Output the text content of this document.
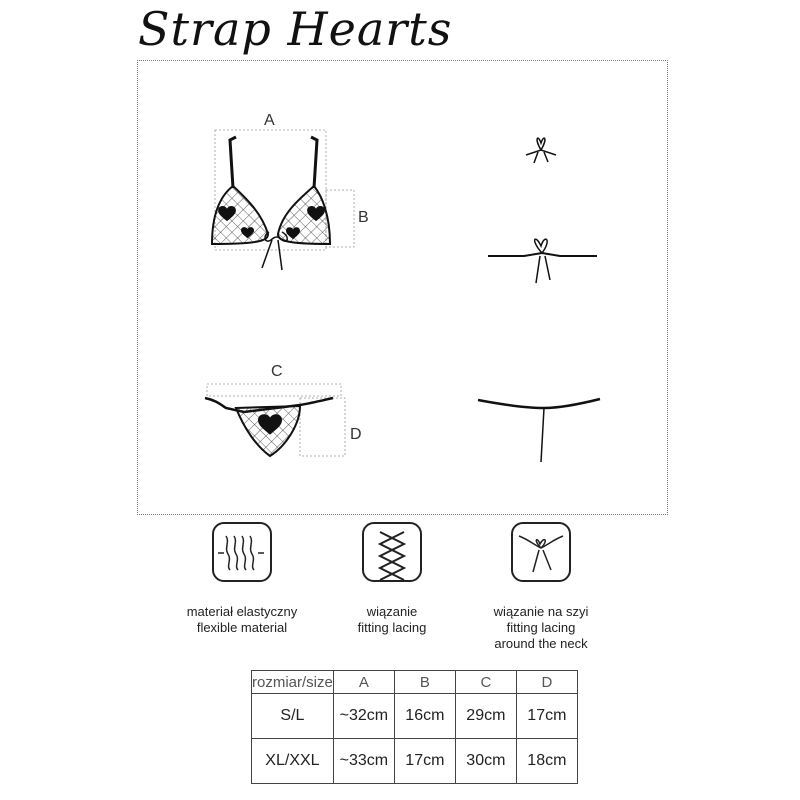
Strap Hearts
A
B
C
D
materiał elastyczny
flexible material
wiązanie
fitting lacing
wiązanie na szyi
fitting lacing
around the neck
rozmiar/size	A	B	C	D
S/L	~32cm	16cm	29cm	17cm
XL/XXL	~33cm	17cm	30cm	18cm
